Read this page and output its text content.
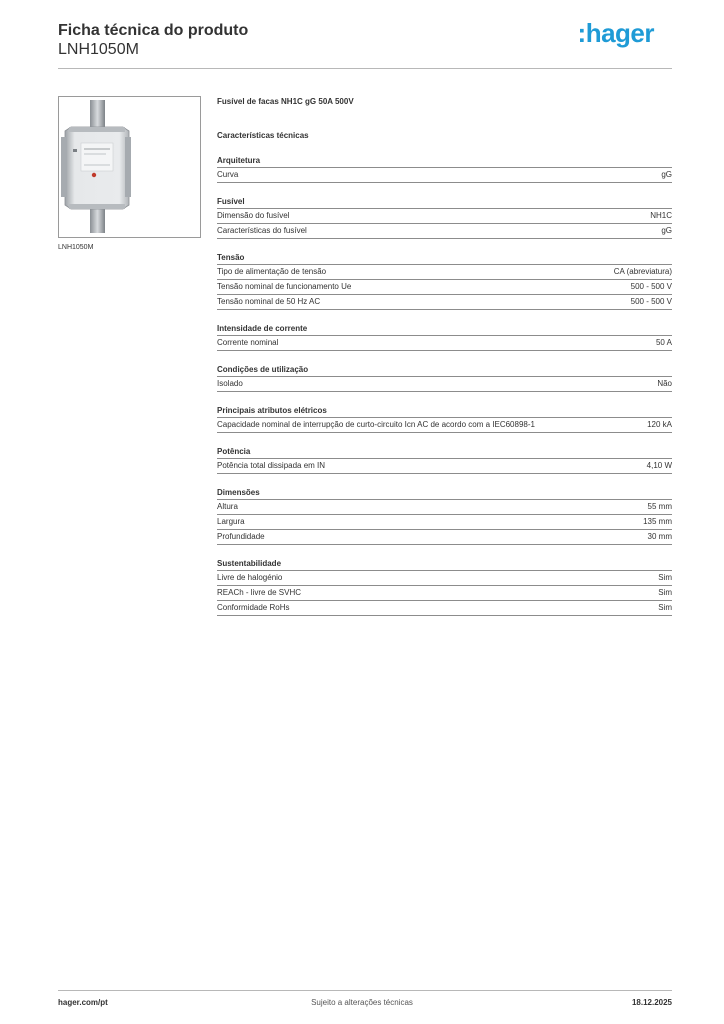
Ficha técnica do produto
LNH1050M
:hager
LNH1050M
Fusível de facas NH1C gG 50A 500V
Características técnicas
Arquitetura
Curva	gG
Fusível
Dimensão do fusível	NH1C
Características do fusível	gG
Tensão
Tipo de alimentação de tensão	CA (abreviatura)
Tensão nominal de funcionamento Ue	500 - 500 V
Tensão nominal de 50 Hz AC	500 - 500 V
Intensidade de corrente
Corrente nominal	50 A
Condições de utilização
Isolado	Não
Principais atributos elétricos
Capacidade nominal de interrupção de curto-circuito Icn AC de acordo com a IEC60898-1	120 kA
Potência
Potência total dissipada em IN	4,10 W
Dimensões
Altura	55 mm
Largura	135 mm
Profundidade	30 mm
Sustentabilidade
Livre de halogénio	Sim
REACh - livre de SVHC	Sim
Conformidade RoHs	Sim
hager.com/pt	Sujeito a alterações técnicas	18.12.2025
